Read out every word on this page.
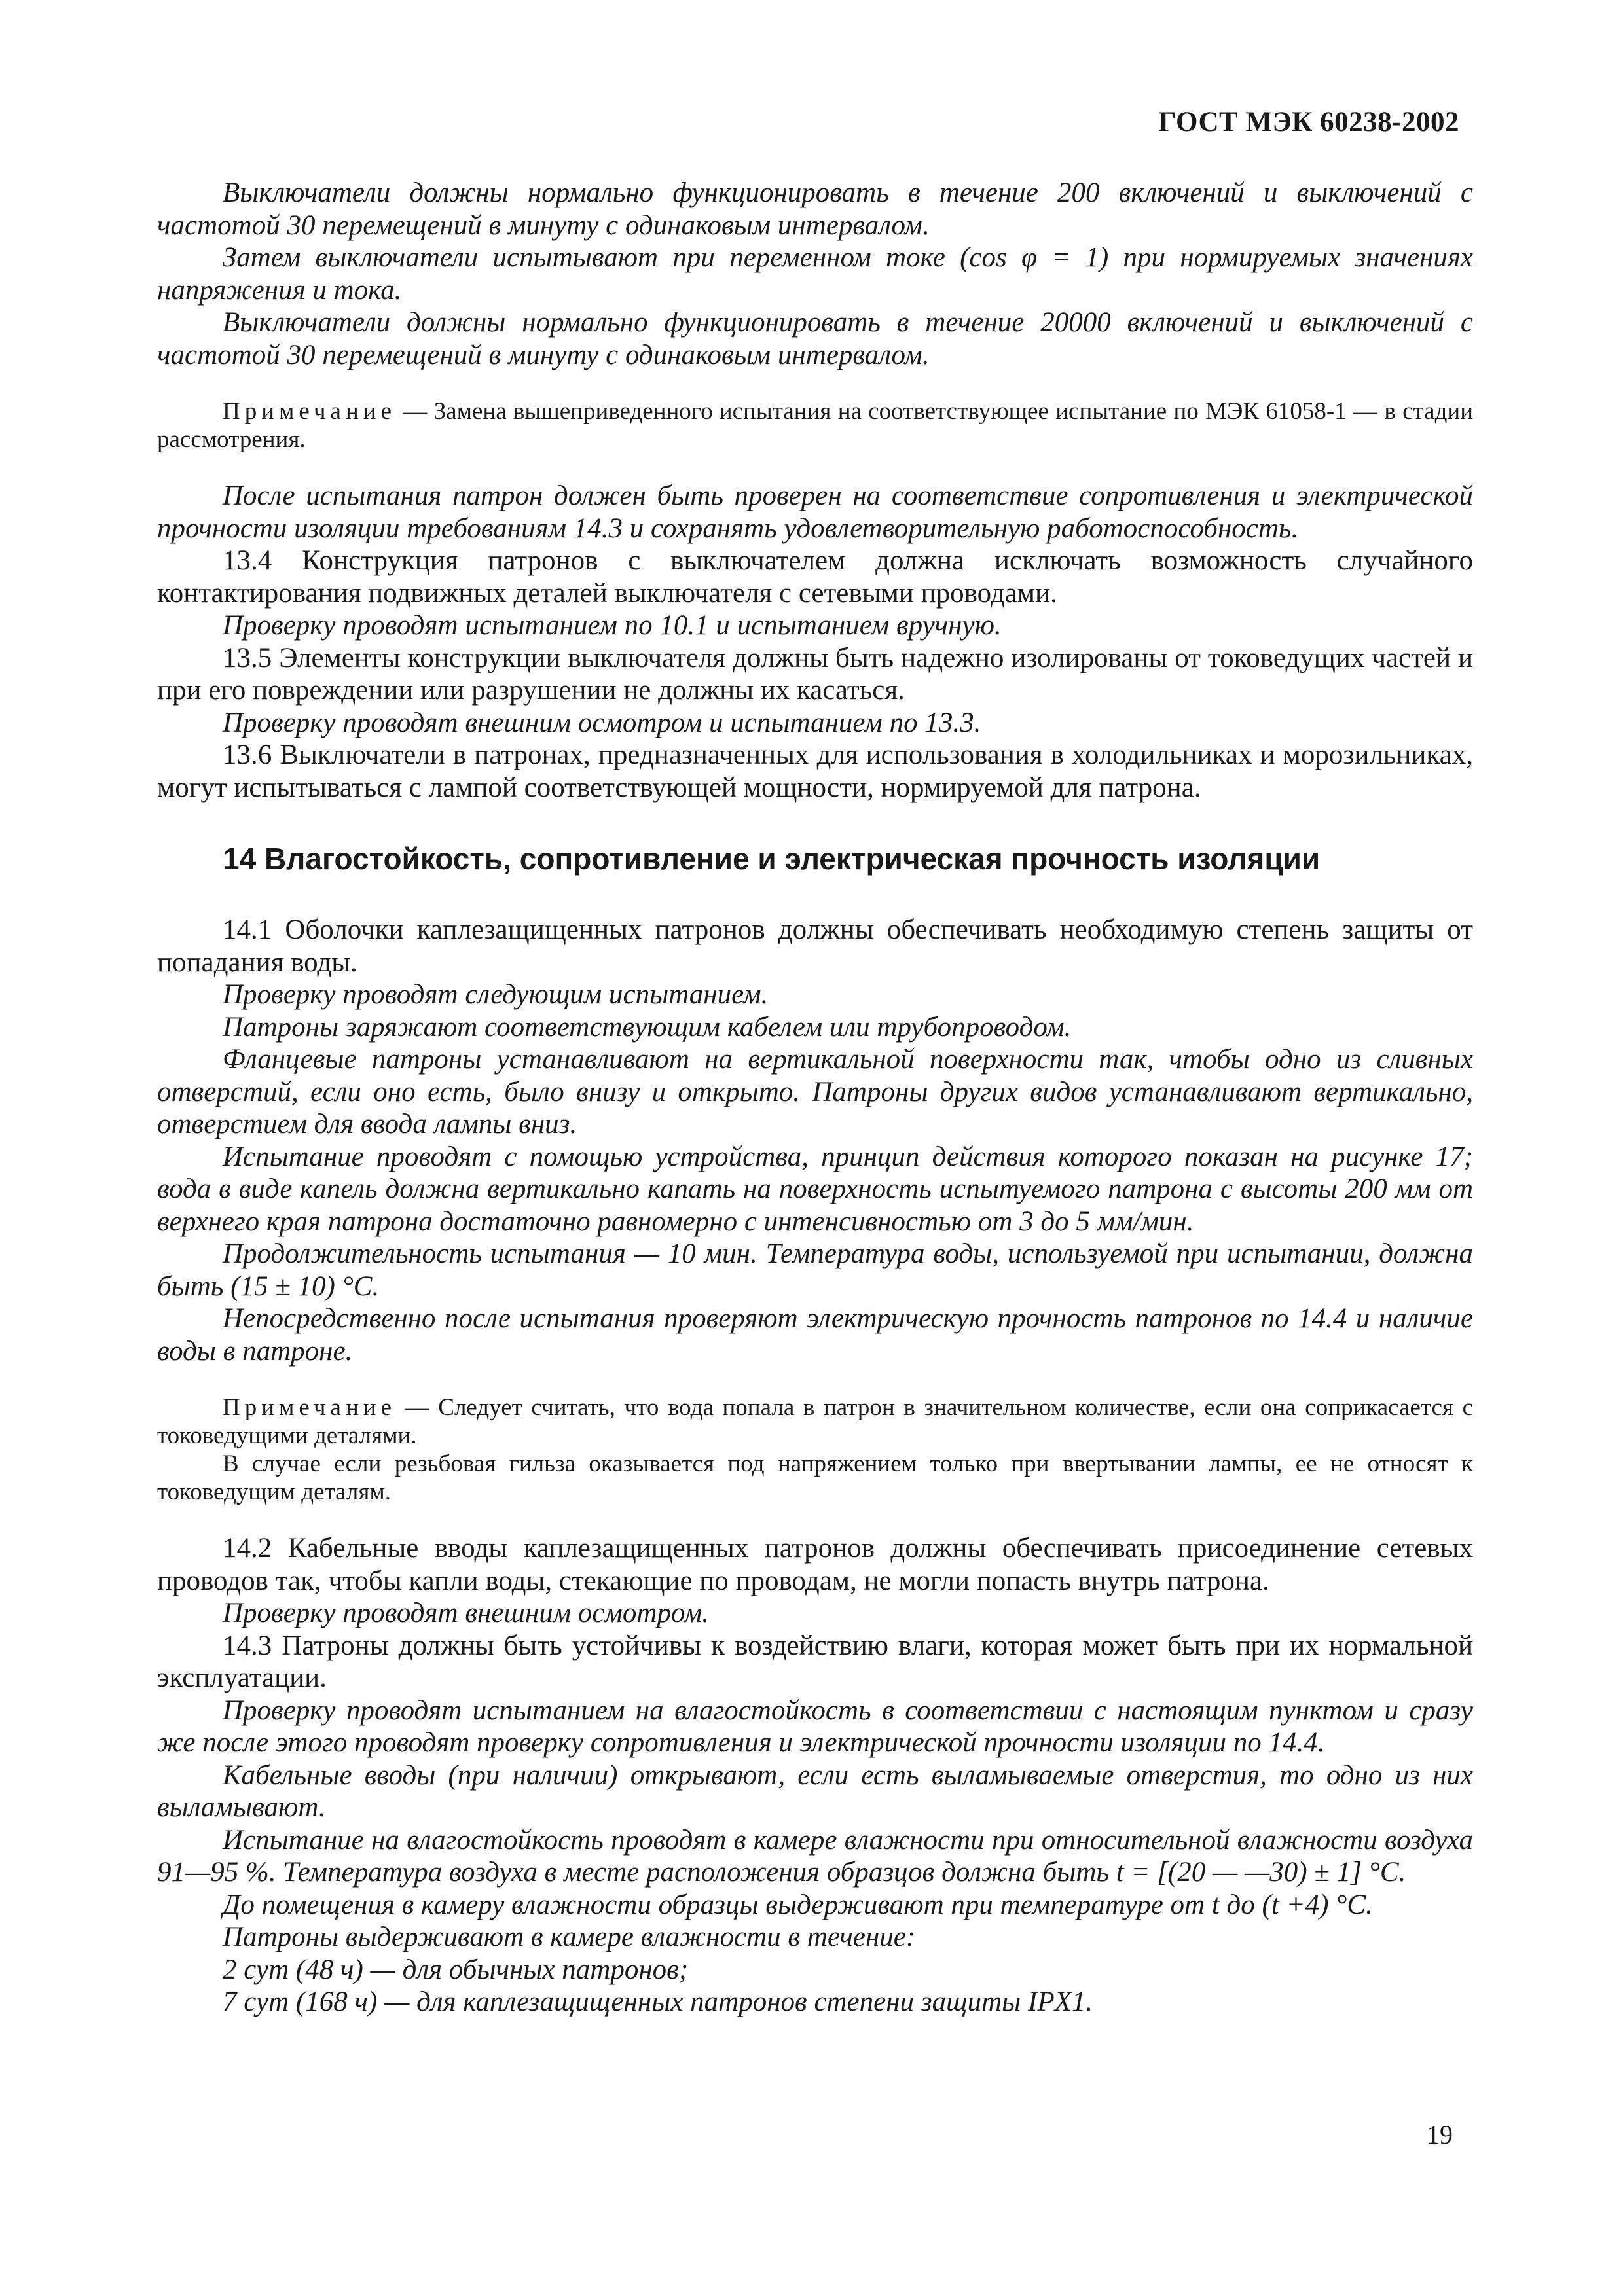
ГОСТ МЭК 60238-2002

Выключатели должны нормально функционировать в течение 200 включений и выключений с частотой 30 перемещений в минуту с одинаковым интервалом.

Затем выключатели испытывают при переменном токе (cos φ = 1) при нормируемых значениях напряжения и тока.

Выключатели должны нормально функционировать в течение 20000 включений и выключений с частотой 30 перемещений в минуту с одинаковым интервалом.

Примечание — Замена вышеприведенного испытания на соответствующее испытание по МЭК 61058-1 — в стадии рассмотрения.

После испытания патрон должен быть проверен на соответствие сопротивления и электрической прочности изоляции требованиям 14.3 и сохранять удовлетворительную работоспособность.

13.4 Конструкция патронов с выключателем должна исключать возможность случайного контактирования подвижных деталей выключателя с сетевыми проводами.

Проверку проводят испытанием по 10.1 и испытанием вручную.

13.5 Элементы конструкции выключателя должны быть надежно изолированы от токоведущих частей и при его повреждении или разрушении не должны их касаться.

Проверку проводят внешним осмотром и испытанием по 13.3.

13.6 Выключатели в патронах, предназначенных для использования в холодильниках и морозильниках, могут испытываться с лампой соответствующей мощности, нормируемой для патрона.

14 Влагостойкость, сопротивление и электрическая прочность изоляции

14.1 Оболочки каплезащищенных патронов должны обеспечивать необходимую степень защиты от попадания воды.

Проверку проводят следующим испытанием.

Патроны заряжают соответствующим кабелем или трубопроводом.

Фланцевые патроны устанавливают на вертикальной поверхности так, чтобы одно из сливных отверстий, если оно есть, было внизу и открыто. Патроны других видов устанавливают вертикально, отверстием для ввода лампы вниз.

Испытание проводят с помощью устройства, принцип действия которого показан на рисунке 17; вода в виде капель должна вертикально капать на поверхность испытуемого патрона с высоты 200 мм от верхнего края патрона достаточно равномерно с интенсивностью от 3 до 5 мм/мин.

Продолжительность испытания — 10 мин. Температура воды, используемой при испытании, должна быть (15 ± 10) °С.

Непосредственно после испытания проверяют электрическую прочность патронов по 14.4 и наличие воды в патроне.

Примечание — Следует считать, что вода попала в патрон в значительном количестве, если она соприкасается с токоведущими деталями.

В случае если резьбовая гильза оказывается под напряжением только при ввертывании лампы, ее не относят к токоведущим деталям.

14.2 Кабельные вводы каплезащищенных патронов должны обеспечивать присоединение сетевых проводов так, чтобы капли воды, стекающие по проводам, не могли попасть внутрь патрона.

Проверку проводят внешним осмотром.

14.3 Патроны должны быть устойчивы к воздействию влаги, которая может быть при их нормальной эксплуатации.

Проверку проводят испытанием на влагостойкость в соответствии с настоящим пунктом и сразу же после этого проводят проверку сопротивления и электрической прочности изоляции по 14.4.

Кабельные вводы (при наличии) открывают, если есть выламываемые отверстия, то одно из них выламывают.

Испытание на влагостойкость проводят в камере влажности при относительной влажности воздуха 91—95 %. Температура воздуха в месте расположения образцов должна быть t = [(20 — —30) ± 1] °С.

До помещения в камеру влажности образцы выдерживают при температуре от t до (t +4) °С.

Патроны выдерживают в камере влажности в течение:

2 сут (48 ч) — для обычных патронов;

7 сут (168 ч) — для каплезащищенных патронов степени защиты IPX1.

19
